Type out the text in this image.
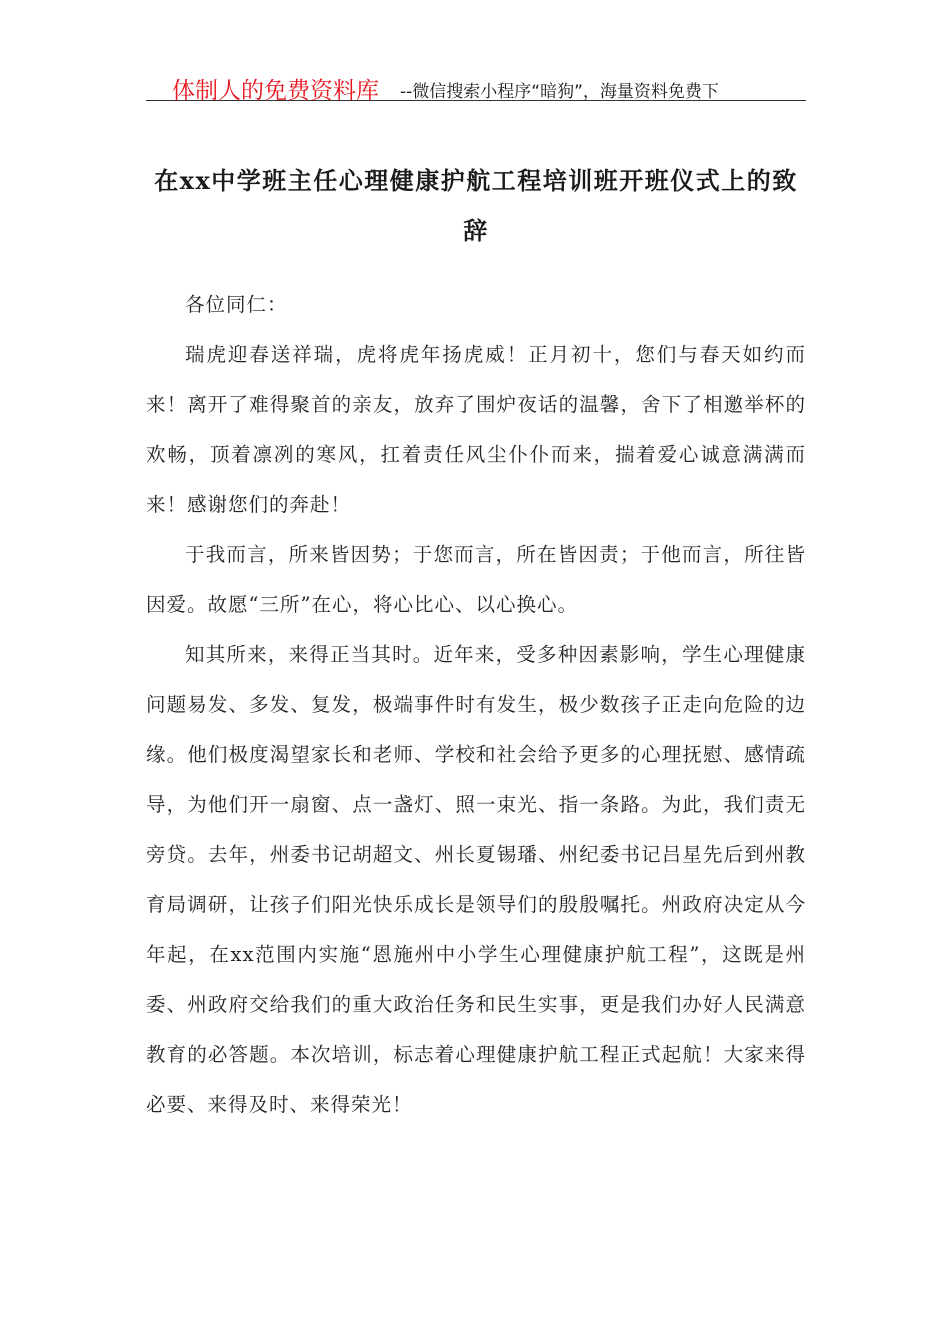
体制人的免费资料库 --微信搜索小程序“暗狗”，海量资料免费下
在xx中学班主任心理健康护航工程培训班开班仪式上的致辞

各位同仁：

瑞虎迎春送祥瑞，虎将虎年扬虎威！正月初十，您们与春天如约而来！离开了难得聚首的亲友，放弃了围炉夜话的温馨，舍下了相邀举杯的欢畅，顶着凛冽的寒风，扛着责任风尘仆仆而来，揣着爱心诚意满满而来！感谢您们的奔赴！

于我而言，所来皆因势；于您而言，所在皆因责；于他而言，所往皆因爱。故愿“三所”在心，将心比心、以心换心。

知其所来，来得正当其时。近年来，受多种因素影响，学生心理健康问题易发、多发、复发，极端事件时有发生，极少数孩子正走向危险的边缘。他们极度渴望家长和老师、学校和社会给予更多的心理抚慰、感情疏导，为他们开一扇窗、点一盏灯、照一束光、指一条路。为此，我们责无旁贷。去年，州委书记胡超文、州长夏锡璠、州纪委书记吕星先后到州教育局调研，让孩子们阳光快乐成长是领导们的殷殷嘱托。州政府决定从今年起，在xx范围内实施“恩施州中小学生心理健康护航工程”，这既是州委、州政府交给我们的重大政治任务和民生实事，更是我们办好人民满意教育的必答题。本次培训，标志着心理健康护航工程正式起航！大家来得必要、来得及时、来得荣光！
